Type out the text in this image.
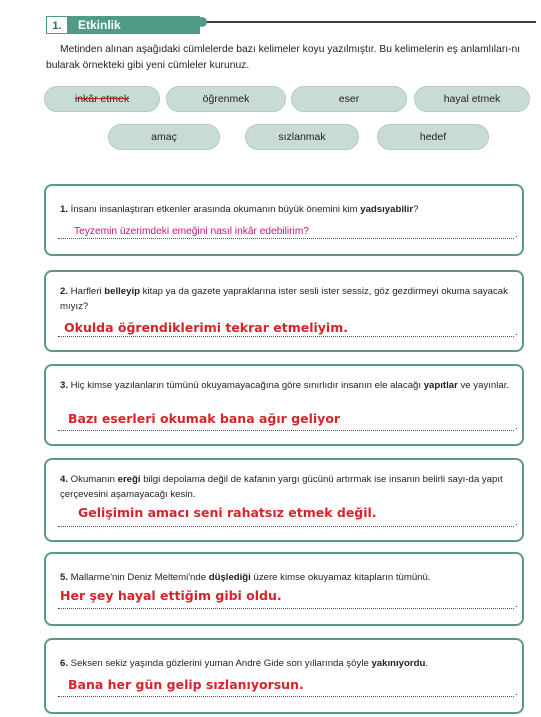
1.	Etkinlik

Metinden alınan aşağıdaki cümlelerde bazı kelimeler koyu yazılmıştır. Bu kelimelerin eş anlamlıları-nı bularak örnekteki gibi yeni cümleler kurunuz.

inkâr etmek	öğrenmek	eser	hayal etmek
amaç	sızlanmak	hedef
1. İnsanı insanlaştıran etkenler arasında okumanın büyük önemini kim yadsıyabilir?
Teyzemin üzerimdeki emeğini nasıl inkâr edebilirim?
.
2. Harfleri belleyip kitap ya da gazete yapraklarına ister sesli ister sessiz, göz gezdirmeyi okuma sayacak mıyız?
Okulda öğrendiklerimi tekrar etmeliyim.
.
3. Hiç kimse yazılanların tümünü okuyamayacağına göre sınırlıdır insanın ele alacağı yapıtlar ve yayınlar.
Bazı eserleri okumak bana ağır geliyor
.
4. Okumanın ereği bilgi depolama değil de kafanın yargı gücünü artırmak ise insanın belirli sayı-da yapıt çerçevesini aşamayacağı kesin.
Gelişimin amacı seni rahatsız etmek değil.
.
5. Mallarme'nin Deniz Meltemi'nde düşlediği üzere kimse okuyamaz kitapların tümünü.
Her şey hayal ettiğim gibi oldu.
.
6. Seksen sekiz yaşında gözlerini yuman André Gide son yıllarında şöyle yakınıyordu.
Bana her gün gelip sızlanıyorsun.
.
